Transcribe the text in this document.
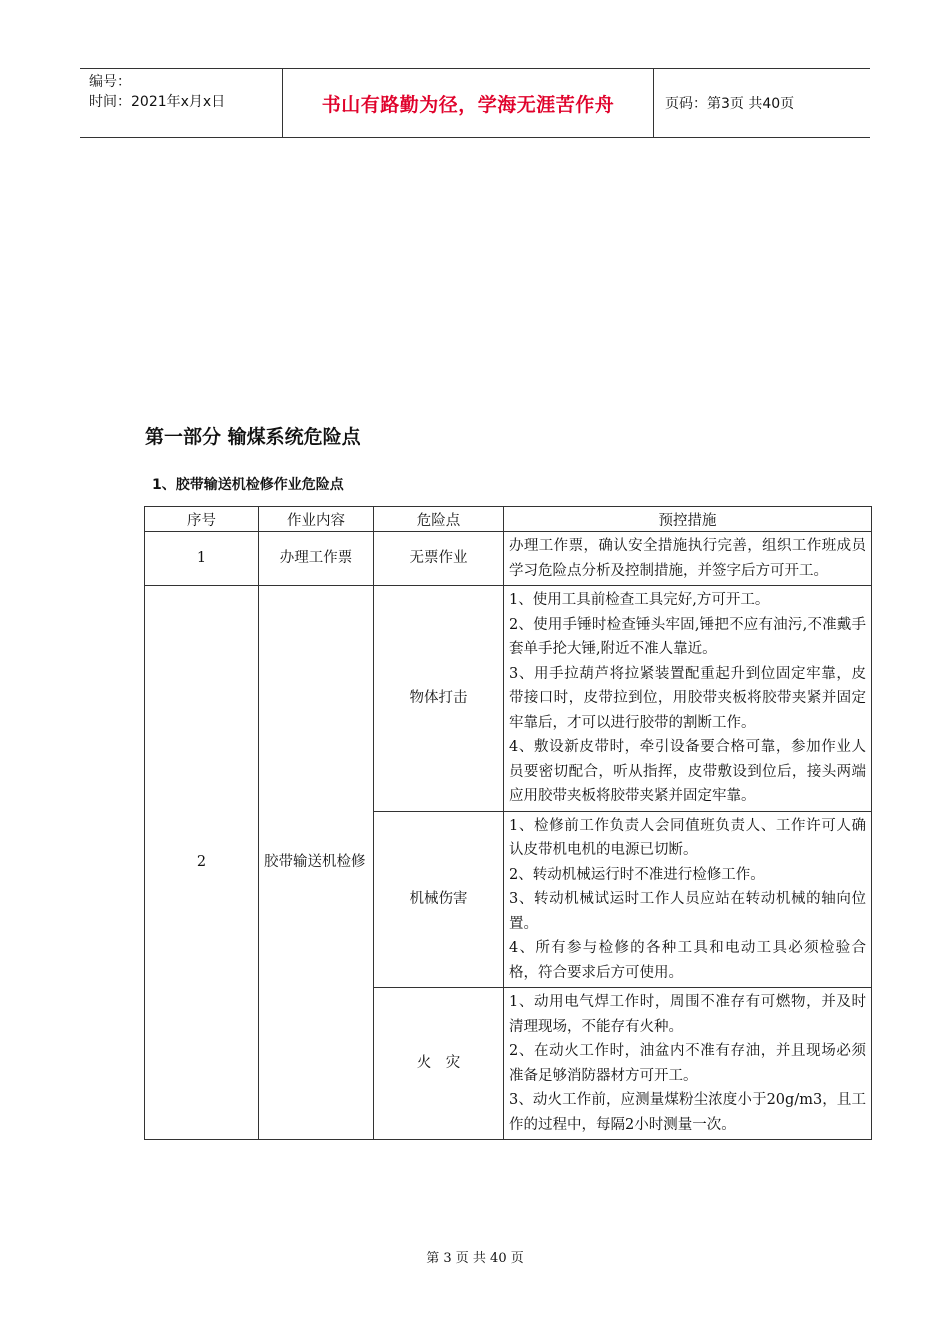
编号：
时间：2021年x月x日	书山有路勤为径，学海无涯苦作舟	页码：第3页 共40页
第一部分 输煤系统危险点
1、胶带输送机检修作业危险点
序号	作业内容	危险点	预控措施
1	办理工作票	无票作业	办理工作票，确认安全措施执行完善，组织工作班成员学习危险点分析及控制措施，并签字后方可开工。

2	胶带输送机检修	物体打击	1、使用工具前检查工具完好,方可开工。

2、使用手锤时检查锤头牢固,锤把不应有油污,不准戴手套单手抡大锤,附近不准人靠近。

3、用手拉葫芦将拉紧装置配重起升到位固定牢靠，皮带接口时，皮带拉到位，用胶带夹板将胶带夹紧并固定牢靠后，才可以进行胶带的割断工作。

4、敷设新皮带时，牵引设备要合格可靠，参加作业人员要密切配合，听从指挥，皮带敷设到位后，接头两端应用胶带夹板将胶带夹紧并固定牢靠。

		机械伤害	1、检修前工作负责人会同值班负责人、工作许可人确认皮带机电机的电源已切断。

2、转动机械运行时不准进行检修工作。

3、转动机械试运时工作人员应站在转动机械的轴向位置。

4、所有参与检修的各种工具和电动工具必须检验合格，符合要求后方可使用。

		火　灾	1、动用电气焊工作时，周围不准存有可燃物，并及时清理现场，不能存有火种。

2、在动火工作时，油盆内不准有存油，并且现场必须准备足够消防器材方可开工。

3、动火工作前，应测量煤粉尘浓度小于20g/m3，且工作的过程中，每隔2小时测量一次。

第 3 页 共 40 页
